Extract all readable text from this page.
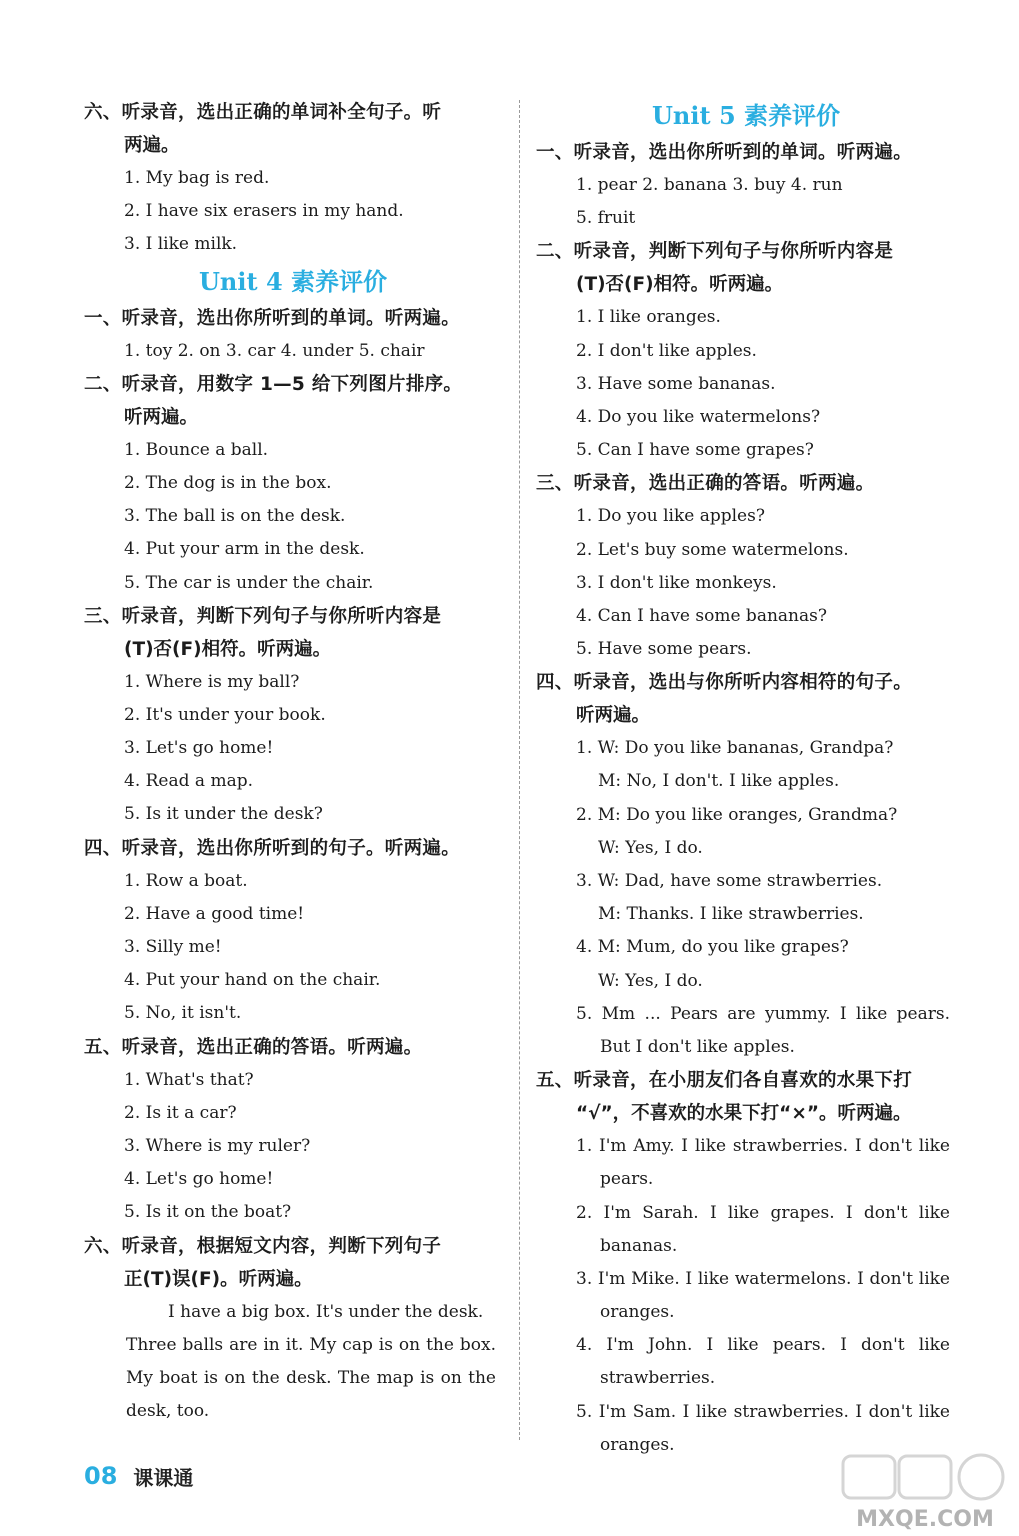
六、听录音，选出正确的单词补全句子。听
两遍。
1. My bag is red.
2. I have six erasers in my hand.
3. I like milk.
Unit 4 素养评价
一、听录音，选出你所听到的单词。听两遍。
1. toy 2. on 3. car 4. under 5. chair
二、听录音，用数字 1—5 给下列图片排序。
听两遍。
1. Bounce a ball.
2. The dog is in the box.
3. The ball is on the desk.
4. Put your arm in the desk.
5. The car is under the chair.
三、听录音，判断下列句子与你所听内容是
(T)否(F)相符。听两遍。
1. Where is my ball?
2. It's under your book.
3. Let's go home!
4. Read a map.
5. Is it under the desk?
四、听录音，选出你所听到的句子。听两遍。
1. Row a boat.
2. Have a good time!
3. Silly me!
4. Put your hand on the chair.
5. No, it isn't.
五、听录音，选出正确的答语。听两遍。
1. What's that?
2. Is it a car?
3. Where is my ruler?
4. Let's go home!
5. Is it on the boat?
六、听录音，根据短文内容，判断下列句子
正(T)误(F)。听两遍。
I have a big box. It's under the desk.
Three balls are in it. My cap is on the box.
My boat is on the desk. The map is on the
desk, too.
Unit 5 素养评价
一、听录音，选出你所听到的单词。听两遍。
1. pear 2. banana 3. buy 4. run
5. fruit
二、听录音，判断下列句子与你所听内容是
(T)否(F)相符。听两遍。
1. I like oranges.
2. I don't like apples.
3. Have some bananas.
4. Do you like watermelons?
5. Can I have some grapes?
三、听录音，选出正确的答语。听两遍。
1. Do you like apples?
2. Let's buy some watermelons.
3. I don't like monkeys.
4. Can I have some bananas?
5. Have some pears.
四、听录音，选出与你所听内容相符的句子。
听两遍。
1. W: Do you like bananas, Grandpa?
M: No, I don't. I like apples.
2. M: Do you like oranges, Grandma?
W: Yes, I do.
3. W: Dad, have some strawberries.
M: Thanks. I like strawberries.
4. M: Mum, do you like grapes?
W: Yes, I do.
5. Mm ... Pears are yummy. I like pears.
But I don't like apples.
五、听录音，在小朋友们各自喜欢的水果下打
“√”，不喜欢的水果下打“×”。听两遍。
1. I'm Amy. I like strawberries. I don't like
pears.
2. I'm Sarah. I like grapes. I don't like
bananas.
3. I'm Mike. I like watermelons. I don't like
oranges.
4. I'm John. I like pears. I don't like
strawberries.
5. I'm Sam. I like strawberries. I don't like
oranges.
08 课课通
MXQE.COM
